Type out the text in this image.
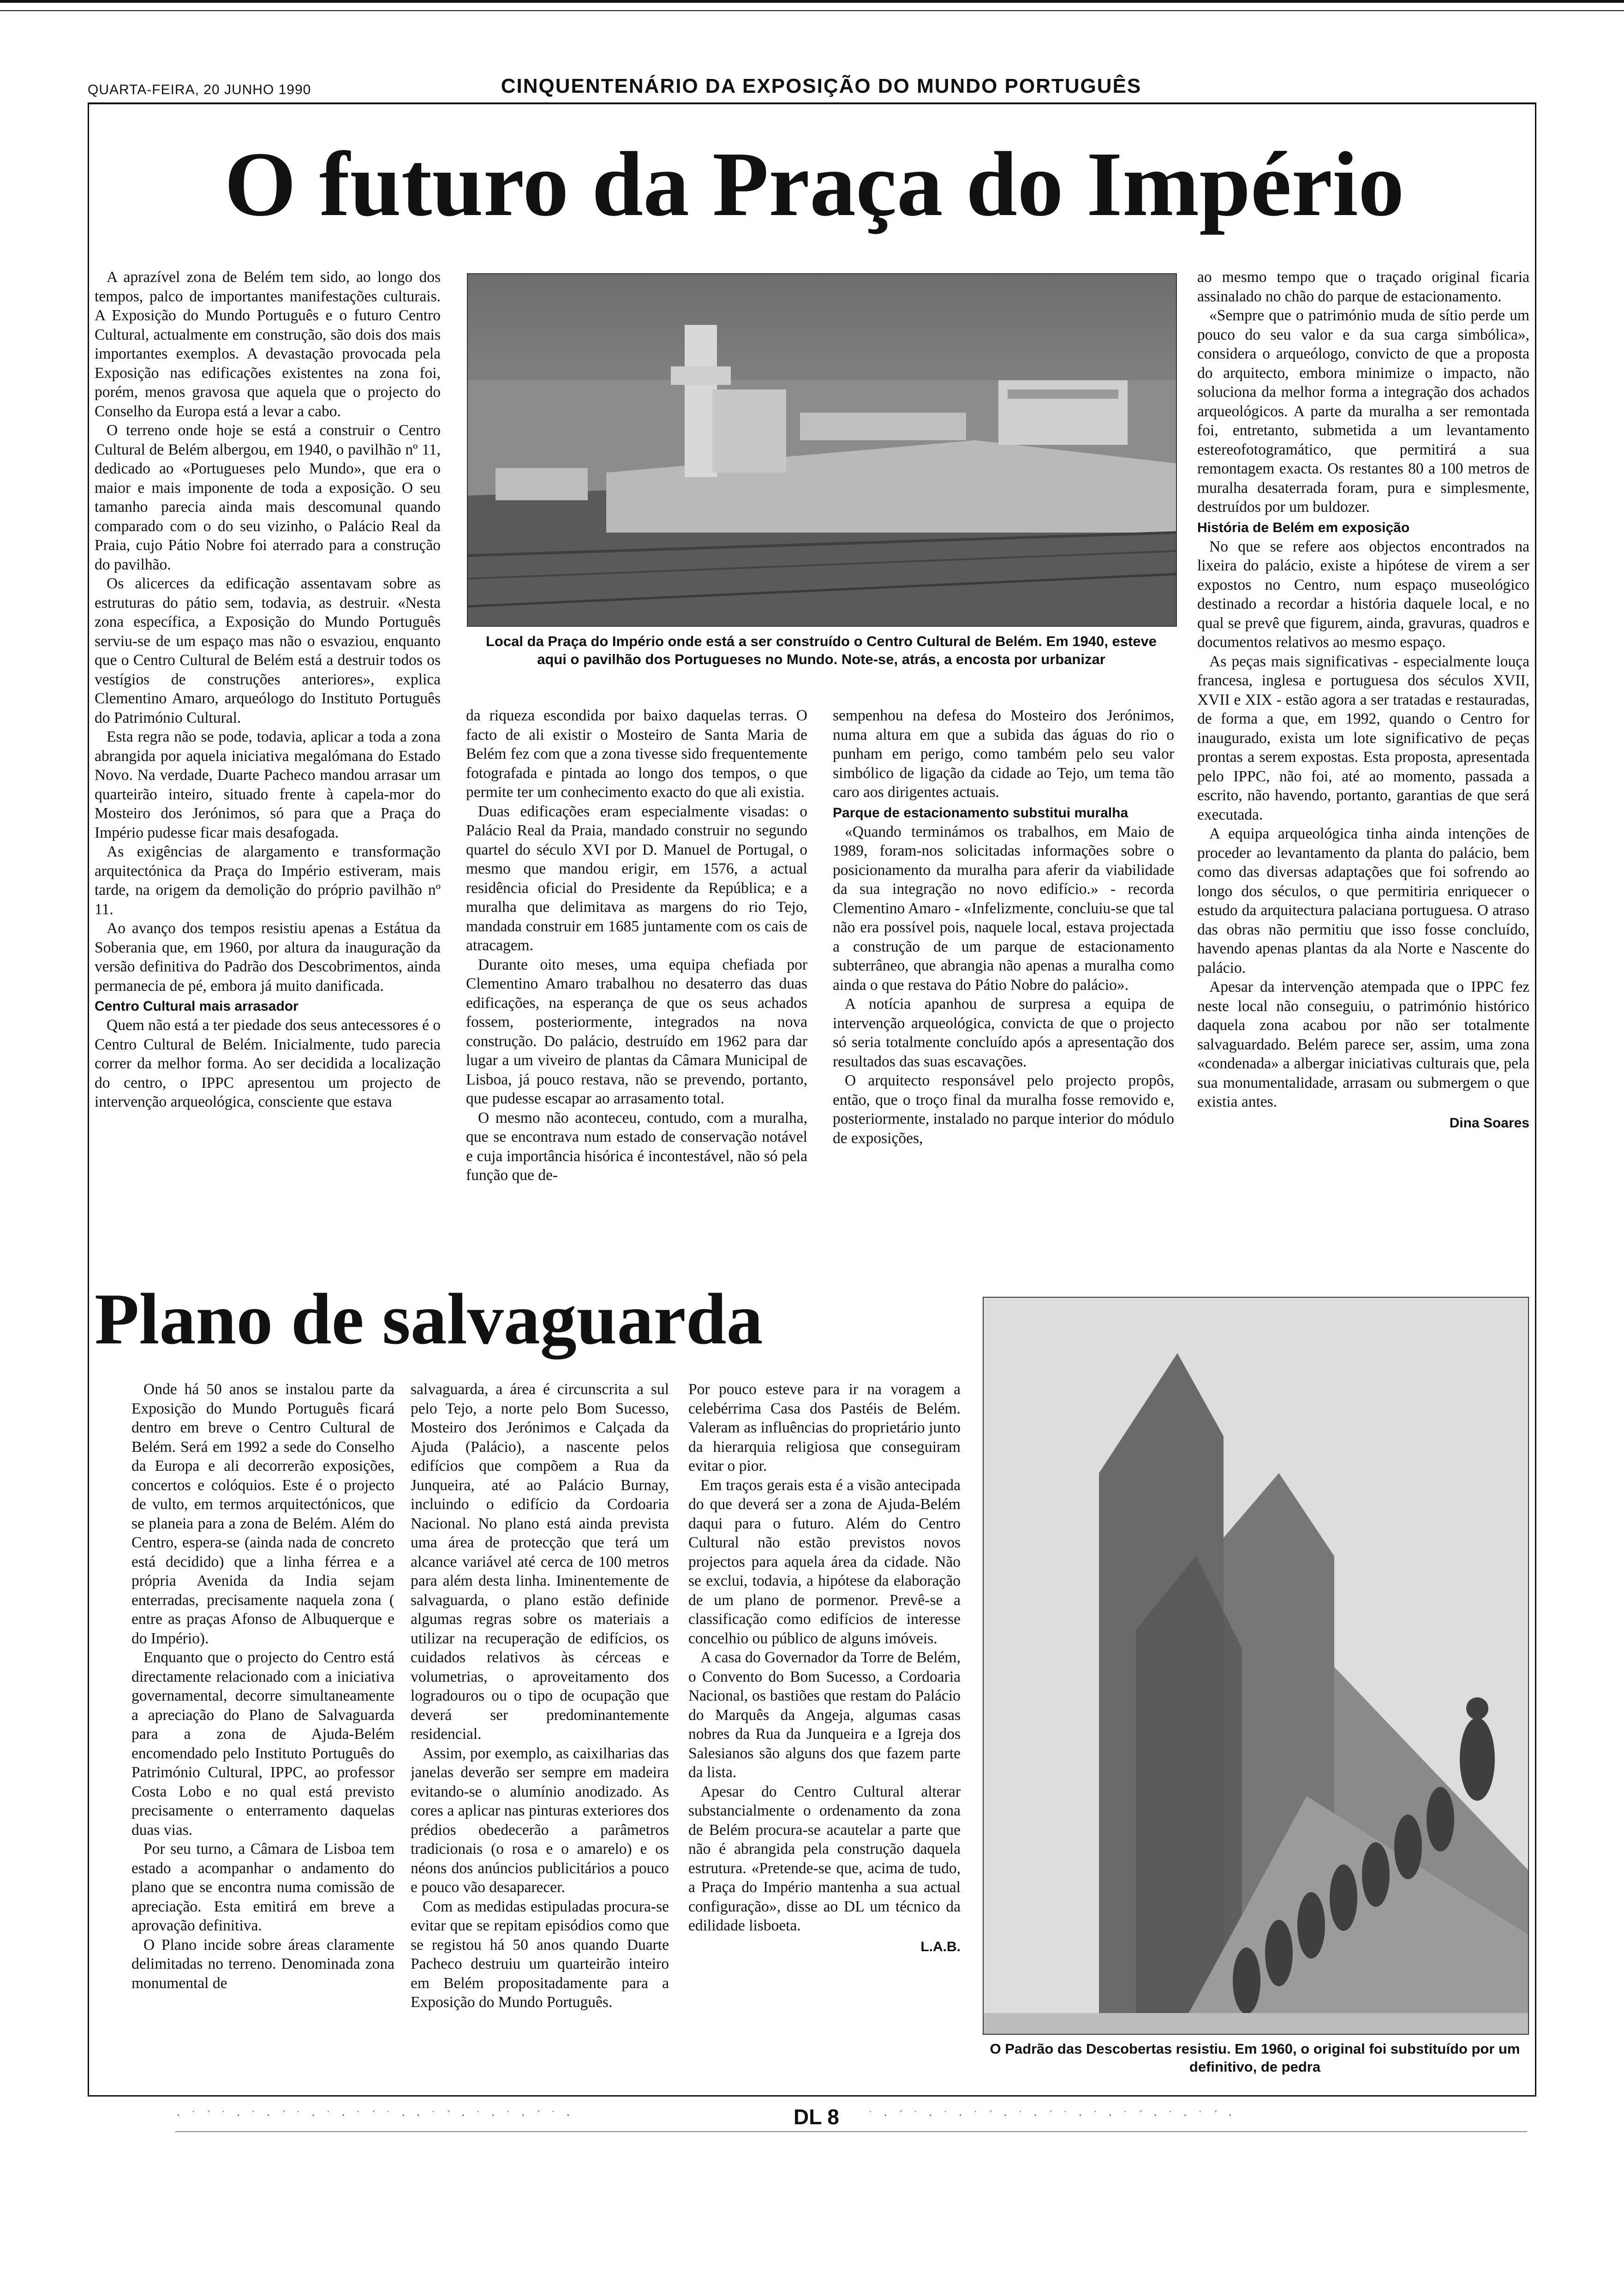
QUARTA-FEIRA, 20 JUNHO 1990	CINQUENTENÁRIO DA EXPOSIÇÃO DO MUNDO PORTUGUÊS
O futuro da Praça do Império
Local da Praça do Império onde está a ser construído o Centro Cultural de Belém. Em 1940, esteve aqui o pavilhão dos Portugueses no Mundo. Note-se, atrás, a encosta por urbanizar

A aprazível zona de Belém tem sido, ao longo dos tempos, palco de importantes manifestações culturais. A Exposição do Mundo Português e o futuro Centro Cultural, actualmente em construção, são dois dos mais importantes exemplos. A devastação provocada pela Exposição nas edificações existentes na zona foi, porém, menos gravosa que aquela que o projecto do Conselho da Europa está a levar a cabo.

O terreno onde hoje se está a construir o Centro Cultural de Belém albergou, em 1940, o pavilhão nº 11, dedicado ao «Portugueses pelo Mundo», que era o maior e mais imponente de toda a exposição. O seu tamanho parecia ainda mais descomunal quando comparado com o do seu vizinho, o Palácio Real da Praia, cujo Pátio Nobre foi aterrado para a construção do pavilhão.

Os alicerces da edificação assentavam sobre as estruturas do pátio sem, todavia, as destruir. «Nesta zona específica, a Exposição do Mundo Português serviu-se de um espaço mas não o esvaziou, enquanto que o Centro Cultural de Belém está a destruir todos os vestígios de construções anteriores», explica Clementino Amaro, arqueólogo do Instituto Português do Património Cultural.

Esta regra não se pode, todavia, aplicar a toda a zona abrangida por aquela iniciativa megalómana do Estado Novo. Na verdade, Duarte Pacheco mandou arrasar um quarteirão inteiro, situado frente à capela-mor do Mosteiro dos Jerónimos, só para que a Praça do Império pudesse ficar mais desafogada.

As exigências de alargamento e transformação arquitectónica da Praça do Império estiveram, mais tarde, na origem da demolição do próprio pavilhão nº 11.

Ao avanço dos tempos resistiu apenas a Estátua da Soberania que, em 1960, por altura da inauguração da versão definitiva do Padrão dos Descobrimentos, ainda permanecia de pé, embora já muito danificada.

Centro Cultural mais arrasador

Quem não está a ter piedade dos seus antecessores é o Centro Cultural de Belém. Inicialmente, tudo parecia correr da melhor forma. Ao ser decidida a localização do centro, o IPPC apresentou um projecto de intervenção arqueológica, consciente que estava

da riqueza escondida por baixo daquelas terras. O facto de ali existir o Mosteiro de Santa Maria de Belém fez com que a zona tivesse sido frequentemente fotografada e pintada ao longo dos tempos, o que permite ter um conhecimento exacto do que ali existia.

Duas edificações eram especialmente visadas: o Palácio Real da Praia, mandado construir no segundo quartel do século XVI por D. Manuel de Portugal, o mesmo que mandou erigir, em 1576, a actual residência oficial do Presidente da República; e a muralha que delimitava as margens do rio Tejo, mandada construir em 1685 juntamente com os cais de atracagem.

Durante oito meses, uma equipa chefiada por Clementino Amaro trabalhou no desaterro das duas edificações, na esperança de que os seus achados fossem, posteriormente, integrados na nova construção. Do palácio, destruído em 1962 para dar lugar a um viveiro de plantas da Câmara Municipal de Lisboa, já pouco restava, não se prevendo, portanto, que pudesse escapar ao arrasamento total.

O mesmo não aconteceu, contudo, com a muralha, que se encontrava num estado de conservação notável e cuja importância hisórica é incontestável, não só pela função que de-

sempenhou na defesa do Mosteiro dos Jerónimos, numa altura em que a subida das águas do rio o punham em perigo, como também pelo seu valor simbólico de ligação da cidade ao Tejo, um tema tão caro aos dirigentes actuais.

Parque de estacionamento substitui muralha

«Quando terminámos os trabalhos, em Maio de 1989, foram-nos solicitadas informações sobre o posicionamento da muralha para aferir da viabilidade da sua integração no novo edifício.» - recorda Clementino Amaro - «Infelizmente, concluiu-se que tal não era possível pois, naquele local, estava projectada a construção de um parque de estacionamento subterrâneo, que abrangia não apenas a muralha como ainda o que restava do Pátio Nobre do palácio».

A notícia apanhou de surpresa a equipa de intervenção arqueológica, convicta de que o projecto só seria totalmente concluído após a apresentação dos resultados das suas escavações.

O arquitecto responsável pelo projecto propôs, então, que o troço final da muralha fosse removido e, posteriormente, instalado no parque interior do módulo de exposições,

ao mesmo tempo que o traçado original ficaria assinalado no chão do parque de estacionamento.

«Sempre que o património muda de sítio perde um pouco do seu valor e da sua carga simbólica», considera o arqueólogo, convicto de que a proposta do arquitecto, embora minimize o impacto, não soluciona da melhor forma a integração dos achados arqueológicos. A parte da muralha a ser remontada foi, entretanto, submetida a um levantamento estereofotogramático, que permitirá a sua remontagem exacta. Os restantes 80 a 100 metros de muralha desaterrada foram, pura e simplesmente, destruídos por um buldozer.

História de Belém em exposição

No que se refere aos objectos encontrados na lixeira do palácio, existe a hipótese de virem a ser expostos no Centro, num espaço museológico destinado a recordar a história daquele local, e no qual se prevê que figurem, ainda, gravuras, quadros e documentos relativos ao mesmo espaço.

As peças mais significativas - especialmente louça francesa, inglesa e portuguesa dos séculos XVII, XVII e XIX - estão agora a ser tratadas e restauradas, de forma a que, em 1992, quando o Centro for inaugurado, exista um lote significativo de peças prontas a serem expostas. Esta proposta, apresentada pelo IPPC, não foi, até ao momento, passada a escrito, não havendo, portanto, garantias de que será executada.

A equipa arqueológica tinha ainda intenções de proceder ao levantamento da planta do palácio, bem como das diversas adaptações que foi sofrendo ao longo dos séculos, o que permitiria enriquecer o estudo da arquitectura palaciana portuguesa. O atraso das obras não permitiu que isso fosse concluído, havendo apenas plantas da ala Norte e Nascente do palácio.

Apesar da intervenção atempada que o IPPC fez neste local não conseguiu, o património histórico daquela zona acabou por não ser totalmente salvaguardado. Belém parece ser, assim, uma zona «condenada» a albergar iniciativas culturais que, pela sua monumentalidade, arrasam ou submergem o que existia antes.

Dina Soares
Plano de salvaguarda
O Padrão das Descobertas resistiu. Em 1960, o original foi substituído por um definitivo, de pedra

Onde há 50 anos se instalou parte da Exposição do Mundo Português ficará dentro em breve o Centro Cultural de Belém. Será em 1992 a sede do Conselho da Europa e ali decorrerão exposições, concertos e colóquios. Este é o projecto de vulto, em termos arquitectónicos, que se planeia para a zona de Belém. Além do Centro, espera-se (ainda nada de concreto está decidido) que a linha férrea e a própria Avenida da India sejam enterradas, precisamente naquela zona ( entre as praças Afonso de Albuquerque e do Império).

Enquanto que o projecto do Centro está directamente relacionado com a iniciativa governamental, decorre simultaneamente a apreciação do Plano de Salvaguarda para a zona de Ajuda-Belém encomendado pelo Instituto Português do Património Cultural, IPPC, ao professor Costa Lobo e no qual está previsto precisamente o enterramento daquelas duas vias.

Por seu turno, a Câmara de Lisboa tem estado a acompanhar o andamento do plano que se encontra numa comissão de apreciação. Esta emitirá em breve a aprovação definitiva.

O Plano incide sobre áreas claramente delimitadas no terreno. Denominada zona monumental de

salvaguarda, a área é circunscrita a sul pelo Tejo, a norte pelo Bom Sucesso, Mosteiro dos Jerónimos e Calçada da Ajuda (Palácio), a nascente pelos edifícios que compõem a Rua da Junqueira, até ao Palácio Burnay, incluindo o edifício da Cordoaria Nacional. No plano está ainda prevista uma área de protecção que terá um alcance variável até cerca de 100 metros para além desta linha. Iminentemente de salvaguarda, o plano estão definide algumas regras sobre os materiais a utilizar na recuperação de edifícios, os cuidados relativos às cérceas e volumetrias, o aproveitamento dos logradouros ou o tipo de ocupação que deverá ser predominantemente residencial.

Assim, por exemplo, as caixilharias das janelas deverão ser sempre em madeira evitando-se o alumínio anodizado. As cores a aplicar nas pinturas exteriores dos prédios obedecerão a parâmetros tradicionais (o rosa e o amarelo) e os néons dos anúncios publicitários a pouco e pouco vão desaparecer.

Com as medidas estipuladas procura-se evitar que se repitam episódios como que se registou há 50 anos quando Duarte Pacheco destruiu um quarteirão inteiro em Belém propositadamente para a Exposição do Mundo Português.

Por pouco esteve para ir na voragem a celebérrima Casa dos Pastéis de Belém. Valeram as influências do proprietário junto da hierarquia religiosa que conseguiram evitar o pior.

Em traços gerais esta é a visão antecipada do que deverá ser a zona de Ajuda-Belém daqui para o futuro. Além do Centro Cultural não estão previstos novos projectos para aquela área da cidade. Não se exclui, todavia, a hipótese da elaboração de um plano de pormenor. Prevê-se a classificação como edifícios de interesse concelhio ou público de alguns imóveis.

A casa do Governador da Torre de Belém, o Convento do Bom Sucesso, a Cordoaria Nacional, os bastiões que restam do Palácio do Marquês da Angeja, algumas casas nobres da Rua da Junqueira e a Igreja dos Salesianos são alguns dos que fazem parte da lista.

Apesar do Centro Cultural alterar substancialmente o ordenamento da zona de Belém procura-se acautelar a parte que não é abrangida pela construção daquela estrutura. «Pretende-se que, acima de tudo, a Praça do Império mantenha a sua actual configuração», disse ao DL um técnico da edilidade lisboeta.

L.A.B.
· ˙ ´ ˙ · ˙ · ´ ˙ · ˙ · ˙ ´ ˙ · · ˙ ´ · ˙ · ˙ · ´ ˙ ·	DL 8	˙ · ´ ˙ · ˙ · ˙ ´ · ˙ · ´ ˙ · ˙ · ˙ ´ · ˙ · ˙ ´ ·
